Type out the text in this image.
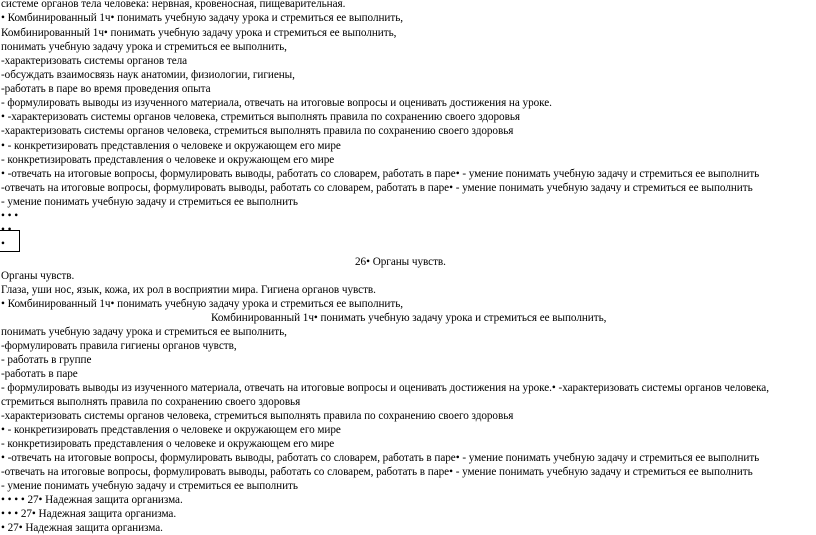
системе органов тела человека: нервная, кровеносная, пищеварительная.
• Комбинированный 1ч• понимать учебную задачу урока и стремиться ее выполнить,
Комбинированный 1ч• понимать учебную задачу урока и стремиться ее выполнить,
понимать учебную задачу урока и стремиться ее выполнить,
-характеризовать системы органов тела
-обсуждать взаимосвязь наук анатомии, физиологии, гигиены,
-работать в паре во время проведения опыта
- формулировать выводы из изученного материала, отвечать на итоговые вопросы и оценивать достижения на уроке.
• -характеризовать системы органов человека, стремиться выполнять правила по сохранению своего здоровья
-характеризовать системы органов человека, стремиться выполнять правила по сохранению своего здоровья
• - конкретизировать представления о человеке и окружающем его мире
- конкретизировать представления о человеке и окружающем его мире
• -отвечать на итоговые вопросы, формулировать выводы, работать со словарем, работать в паре• - умение понимать учебную задачу и стремиться ее выполнить
-отвечать на итоговые вопросы, формулировать выводы, работать со словарем, работать в паре• - умение понимать учебную задачу и стремиться ее выполнить
- умение понимать учебную задачу и стремиться ее выполнить
• • •
• •
•
26• Органы чувств.
Органы чувств.
Глаза, уши нос, язык, кожа, их рол в восприятии мира. Гигиена органов чувств.
• Комбинированный 1ч• понимать учебную задачу урока и стремиться ее выполнить,
Комбинированный 1ч• понимать учебную задачу урока и стремиться ее выполнить,
понимать учебную задачу урока и стремиться ее выполнить,
-формулировать правила гигиены органов чувств,
- работать в группе
-работать в паре
- формулировать выводы из изученного материала, отвечать на итоговые вопросы и оценивать достижения на уроке.• -характеризовать системы органов человека,
стремиться выполнять правила по сохранению своего здоровья
-характеризовать системы органов человека, стремиться выполнять правила по сохранению своего здоровья
• - конкретизировать представления о человеке и окружающем его мире
- конкретизировать представления о человеке и окружающем его мире
• -отвечать на итоговые вопросы, формулировать выводы, работать со словарем, работать в паре• - умение понимать учебную задачу и стремиться ее выполнить
-отвечать на итоговые вопросы, формулировать выводы, работать со словарем, работать в паре• - умение понимать учебную задачу и стремиться ее выполнить
- умение понимать учебную задачу и стремиться ее выполнить
• • • • 27• Надежная защита организма.
• • • 27• Надежная защита организма.
• 27• Надежная защита организма.
